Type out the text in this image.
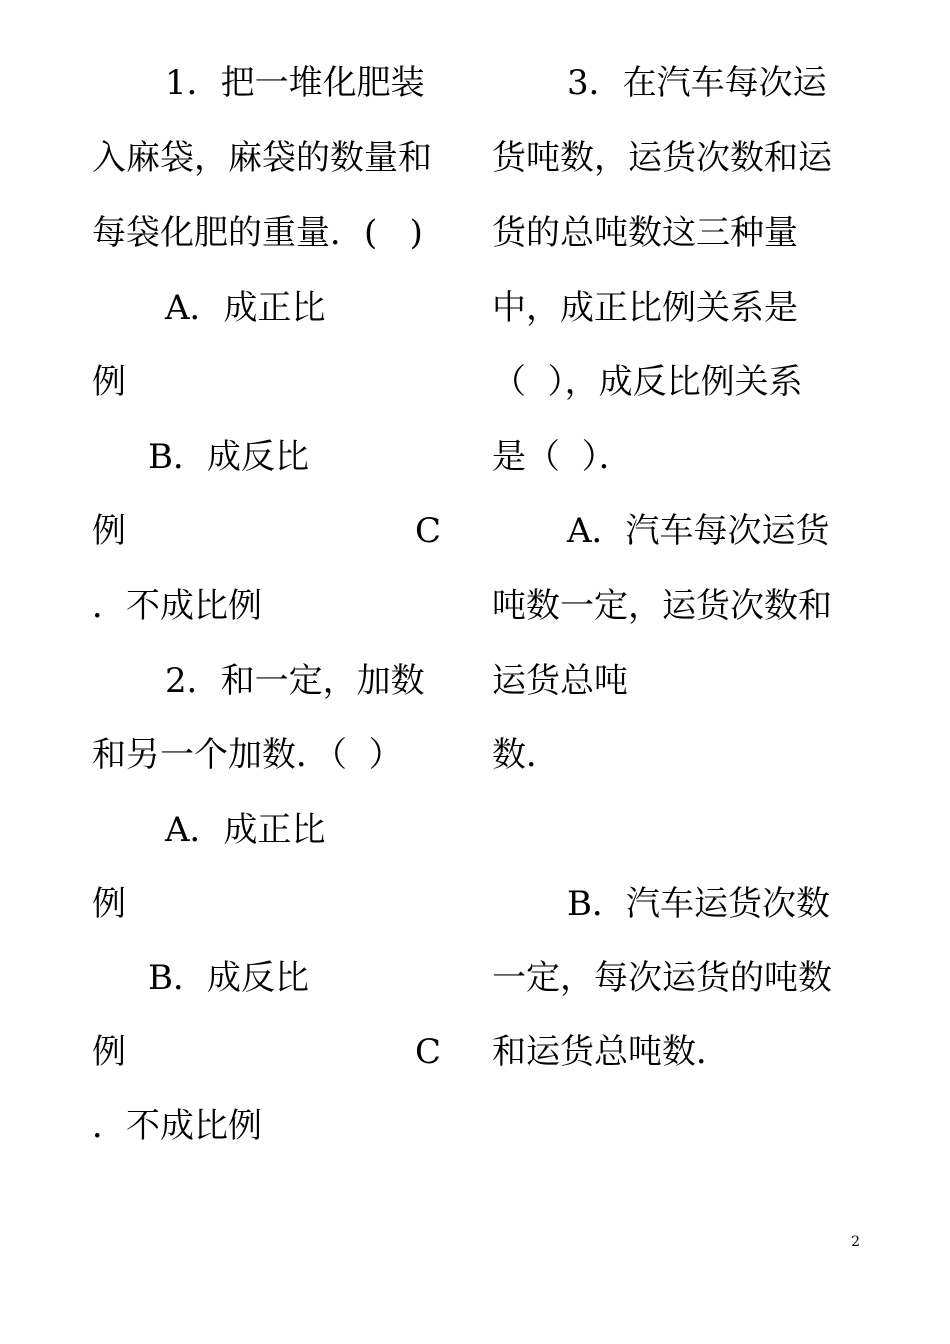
1．把一堆化肥装
入麻袋，麻袋的数量和
每袋化肥的重量．(   )
A．成正比
例
B．成反比
例	C
．不成比例
2．和一定，加数
和另一个加数．（  ）
A．成正比
例
B．成反比
例	C
．不成比例
3．在汽车每次运
货吨数，运货次数和运
货的总吨数这三种量
中，成正比例关系是
（  ），成反比例关系
是（  ）．
A．汽车每次运货
吨数一定，运货次数和
运货总吨
数．
B．汽车运货次数
一定，每次运货的吨数
和运货总吨数．
2
